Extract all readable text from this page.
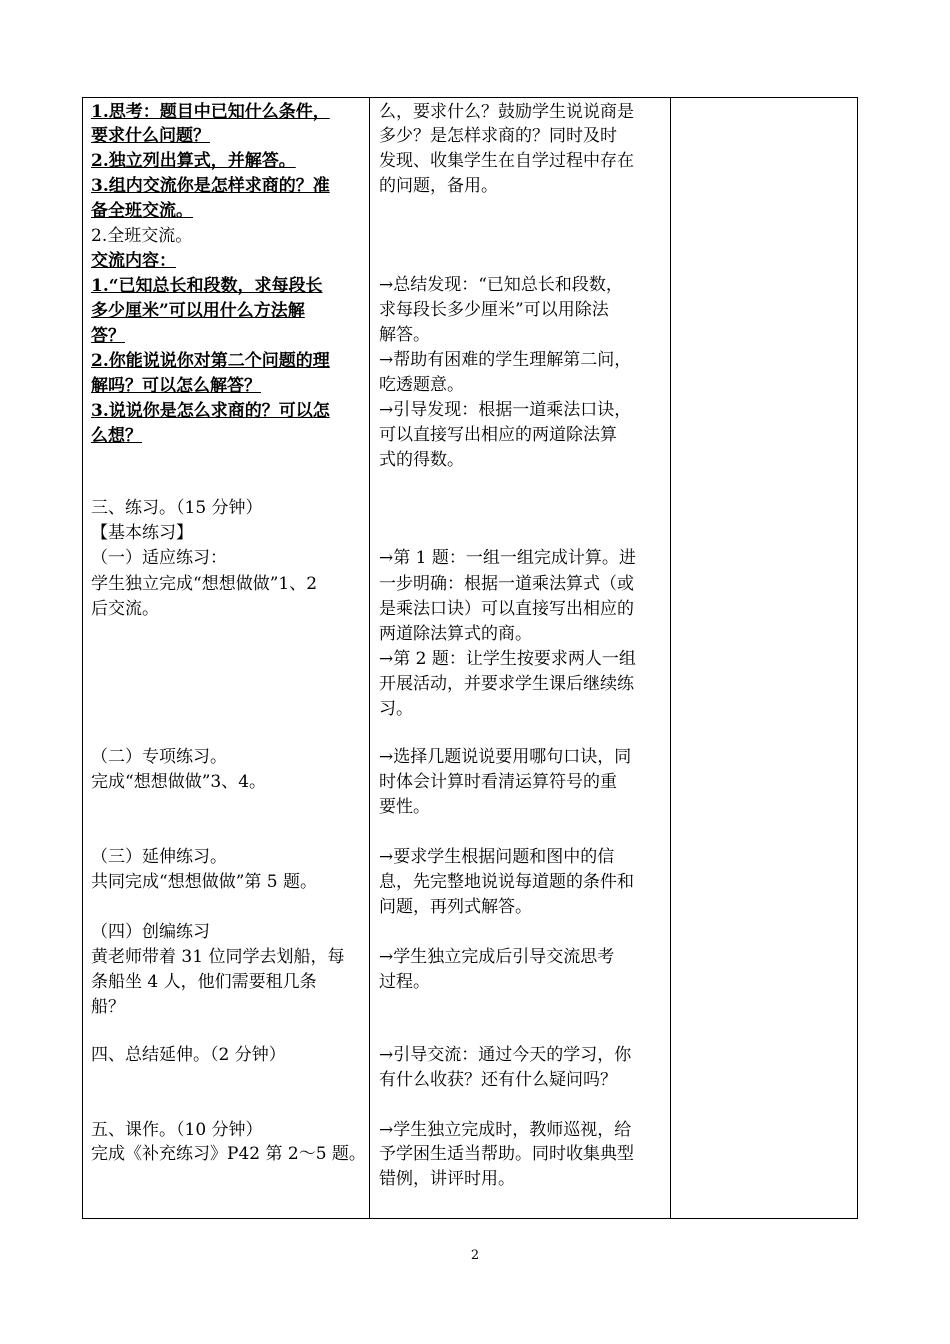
1.思考：题目中已知什么条件，
要求什么问题？
2.独立列出算式，并解答。
3.组内交流你是怎样求商的？准
备全班交流。
2.全班交流。
交流内容：
1.“已知总长和段数，求每段长
多少厘米”可以用什么方法解
答？
2.你能说说你对第二个问题的理
解吗？可以怎么解答？
3.说说你是怎么求商的？可以怎
么想？
三、练习。（15 分钟）
【基本练习】
（一）适应练习：
学生独立完成“想想做做”1、2
后交流。
（二）专项练习。
完成“想想做做”3、4。
（三）延伸练习。
共同完成“想想做做”第 5 题。
（四）创编练习
黄老师带着 31 位同学去划船，每
条船坐 4 人，他们需要租几条
船？
四、总结延伸。（2 分钟）
五、课作。（10 分钟）
完成《补充练习》P42 第 2～5 题。
么，要求什么？鼓励学生说说商是
多少？是怎样求商的？同时及时
发现、收集学生在自学过程中存在
的问题，备用。
→总结发现：“已知总长和段数，
求每段长多少厘米”可以用除法
解答。
→帮助有困难的学生理解第二问，
吃透题意。
→引导发现：根据一道乘法口诀，
可以直接写出相应的两道除法算
式的得数。
→第 1 题：一组一组完成计算。进
一步明确：根据一道乘法算式（或
是乘法口诀）可以直接写出相应的
两道除法算式的商。
→第 2 题：让学生按要求两人一组
开展活动，并要求学生课后继续练
习。
→选择几题说说要用哪句口诀，同
时体会计算时看清运算符号的重
要性。
→要求学生根据问题和图中的信
息，先完整地说说每道题的条件和
问题，再列式解答。
→学生独立完成后引导交流思考
过程。
→引导交流：通过今天的学习，你
有什么收获？还有什么疑问吗？
→学生独立完成时，教师巡视，给
予学困生适当帮助。同时收集典型
错例，讲评时用。
2
